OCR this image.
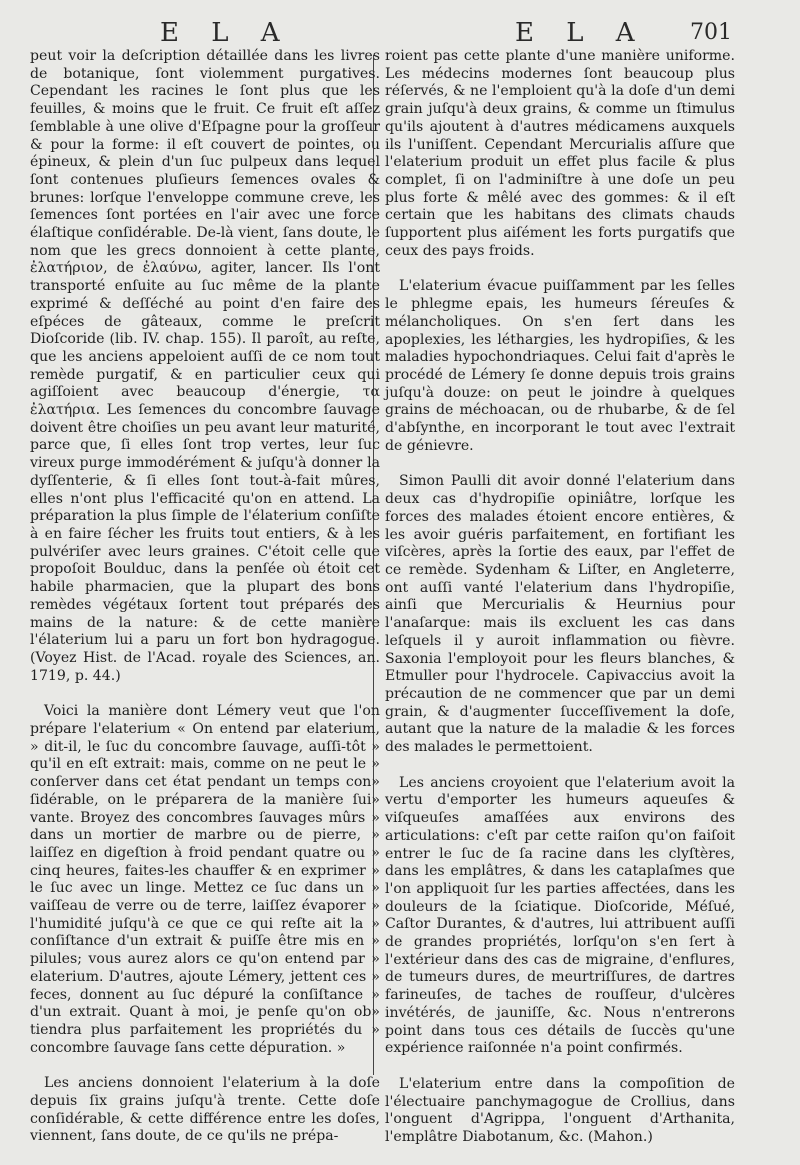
E L A	E L A 701

peut voir la deſcription détaillée dans les livres de botanique, ſont violemment purgatives. Cependant les racines le ſont plus que les feuilles, & moins que le fruit. Ce fruit eſt aſſez ſemblable à une olive d'Eſpagne pour la groſſeur & pour la forme: il eſt couvert de pointes, ou épineux, & plein d'un ſuc pulpeux dans lequel ſont contenues pluſieurs ſemences ovales & brunes: lorſque l'enveloppe commune creve, les ſemences ſont portées en l'air avec une force élaſtique conſidérable. De-là vient, ſans doute, le nom que les grecs donnoient à cette plante, ἐλατήριον, de ἐλαύνω, agiter, lancer. Ils l'ont transporté enſuite au ſuc même de la plante exprimé & deſſéché au point d'en faire des eſpéces de gâteaux, comme le preſcrit Dioſcoride (lib. IV. chap. 155). Il paroît, au reſte, que les anciens appeloient auſſi de ce nom tout remède purgatif, & en particulier ceux qui agiſſoient avec beaucoup d'énergie, τα ἐλατήρια. Les ſemences du concombre ſauvage doivent être choiſies un peu avant leur maturité, parce que, ſi elles ſont trop vertes, leur ſuc vireux purge immodérément & juſqu'à donner la dyſſenterie, & ſi elles ſont tout-à-fait mûres, elles n'ont plus l'efficacité qu'on en attend. La préparation la plus ſimple de l'élaterium conſiſte à en faire ſécher les fruits tout entiers, & à les pulvériſer avec leurs graines. C'étoit celle que propoſoit Boulduc, dans la penſée où étoit cet habile pharmacien, que la plupart des bons remèdes végétaux ſortent tout préparés des mains de la nature: & de cette manière l'élaterium lui a paru un fort bon hydragogue. (Voyez Hist. de l'Acad. royale des Sciences, an. 1719, p. 44.)

Voici la manière dont Lémery veut que l'on prépare l'elaterium « On entend par elaterium, » dit-il, le ſuc du concombre ſauvage, auſſi-tôt » qu'il en eſt extrait: mais, comme on ne peut le » conſerver dans cet état pendant un temps con» ſidérable, on le préparera de la manière ſui» vante. Broyez des concombres ſauvages mûrs » dans un mortier de marbre ou de pierre, » laiſſez en digeſtion à froid pendant quatre ou » cinq heures, faites-les chauffer & en exprimer » le ſuc avec un linge. Mettez ce ſuc dans un » vaiſſeau de verre ou de terre, laiſſez évaporer » l'humidité juſqu'à ce que ce qui reſte ait la » conſiſtance d'un extrait & puiſſe être mis en » pilules; vous aurez alors ce qu'on entend par » elaterium. D'autres, ajoute Lémery, jettent ces » feces, donnent au ſuc dépuré la conſiſtance » d'un extrait. Quant à moi, je penſe qu'on ob» tiendra plus parfaitement les propriétés du » concombre ſauvage ſans cette dépuration. »

Les anciens donnoient l'elaterium à la doſe depuis ſix grains juſqu'à trente. Cette doſe conſidérable, & cette différence entre les doſes, viennent, ſans doute, de ce qu'ils ne prépa-

roient pas cette plante d'une manière uniforme. Les médecins modernes ſont beaucoup plus réſervés, & ne l'emploient qu'à la doſe d'un demi grain juſqu'à deux grains, & comme un ſtimulus qu'ils ajoutent à d'autres médicamens auxquels ils l'uniſſent. Cependant Mercurialis aſſure que l'elaterium produit un effet plus facile & plus complet, ſi on l'adminiſtre à une doſe un peu plus forte & mêlé avec des gommes: & il eſt certain que les habitans des climats chauds ſupportent plus aiſément les forts purgatifs que ceux des pays froids.

L'elaterium évacue puiſſamment par les ſelles le phlegme epais, les humeurs ſéreuſes & mélancholiques. On s'en ſert dans les apoplexies, les léthargies, les hydropiſies, & les maladies hypochondriaques. Celui fait d'après le procédé de Lémery ſe donne depuis trois grains juſqu'à douze: on peut le joindre à quelques grains de méchoacan, ou de rhubarbe, & de ſel d'abſynthe, en incorporant le tout avec l'extrait de génievre.

Simon Paulli dit avoir donné l'elaterium dans deux cas d'hydropiſie opiniâtre, lorſque les forces des malades étoient encore entières, & les avoir guéris parfaitement, en fortifiant les viſcères, après la ſortie des eaux, par l'effet de ce remède. Sydenham & Liſter, en Angleterre, ont auſſi vanté l'elaterium dans l'hydropiſie, ainſi que Mercurialis & Heurnius pour l'anaſarque: mais ils excluent les cas dans leſquels il y auroit inflammation ou fièvre. Saxonia l'employoit pour les fleurs blanches, & Etmuller pour l'hydrocele. Capivaccius avoit la précaution de ne commencer que par un demi grain, & d'augmenter ſucceſſivement la doſe, autant que la nature de la maladie & les forces des malades le permettoient.

Les anciens croyoient que l'elaterium avoit la vertu d'emporter les humeurs aqueuſes & viſqueuſes amaſſées aux environs des articulations: c'eſt par cette raiſon qu'on faiſoit entrer le ſuc de ſa racine dans les clyſtères, dans les emplâtres, & dans les cataplaſmes que l'on appliquoit ſur les parties affectées, dans les douleurs de la ſciatique. Dioſcoride, Méſué, Caſtor Durantes, & d'autres, lui attribuent auſſi de grandes propriétés, lorſqu'on s'en ſert à l'extérieur dans des cas de migraine, d'enflures, de tumeurs dures, de meurtriſſures, de dartres farineuſes, de taches de rouſſeur, d'ulcères invétérés, de jauniſſe, &c. Nous n'entrerons point dans tous ces détails de ſuccès qu'une expérience raiſonnée n'a point confirmés.

L'elaterium entre dans la compoſition de l'électuaire panchymagogue de Crollius, dans l'onguent d'Agrippa, l'onguent d'Arthanita, l'emplâtre Diabotanum, &c. (Mahon.)
